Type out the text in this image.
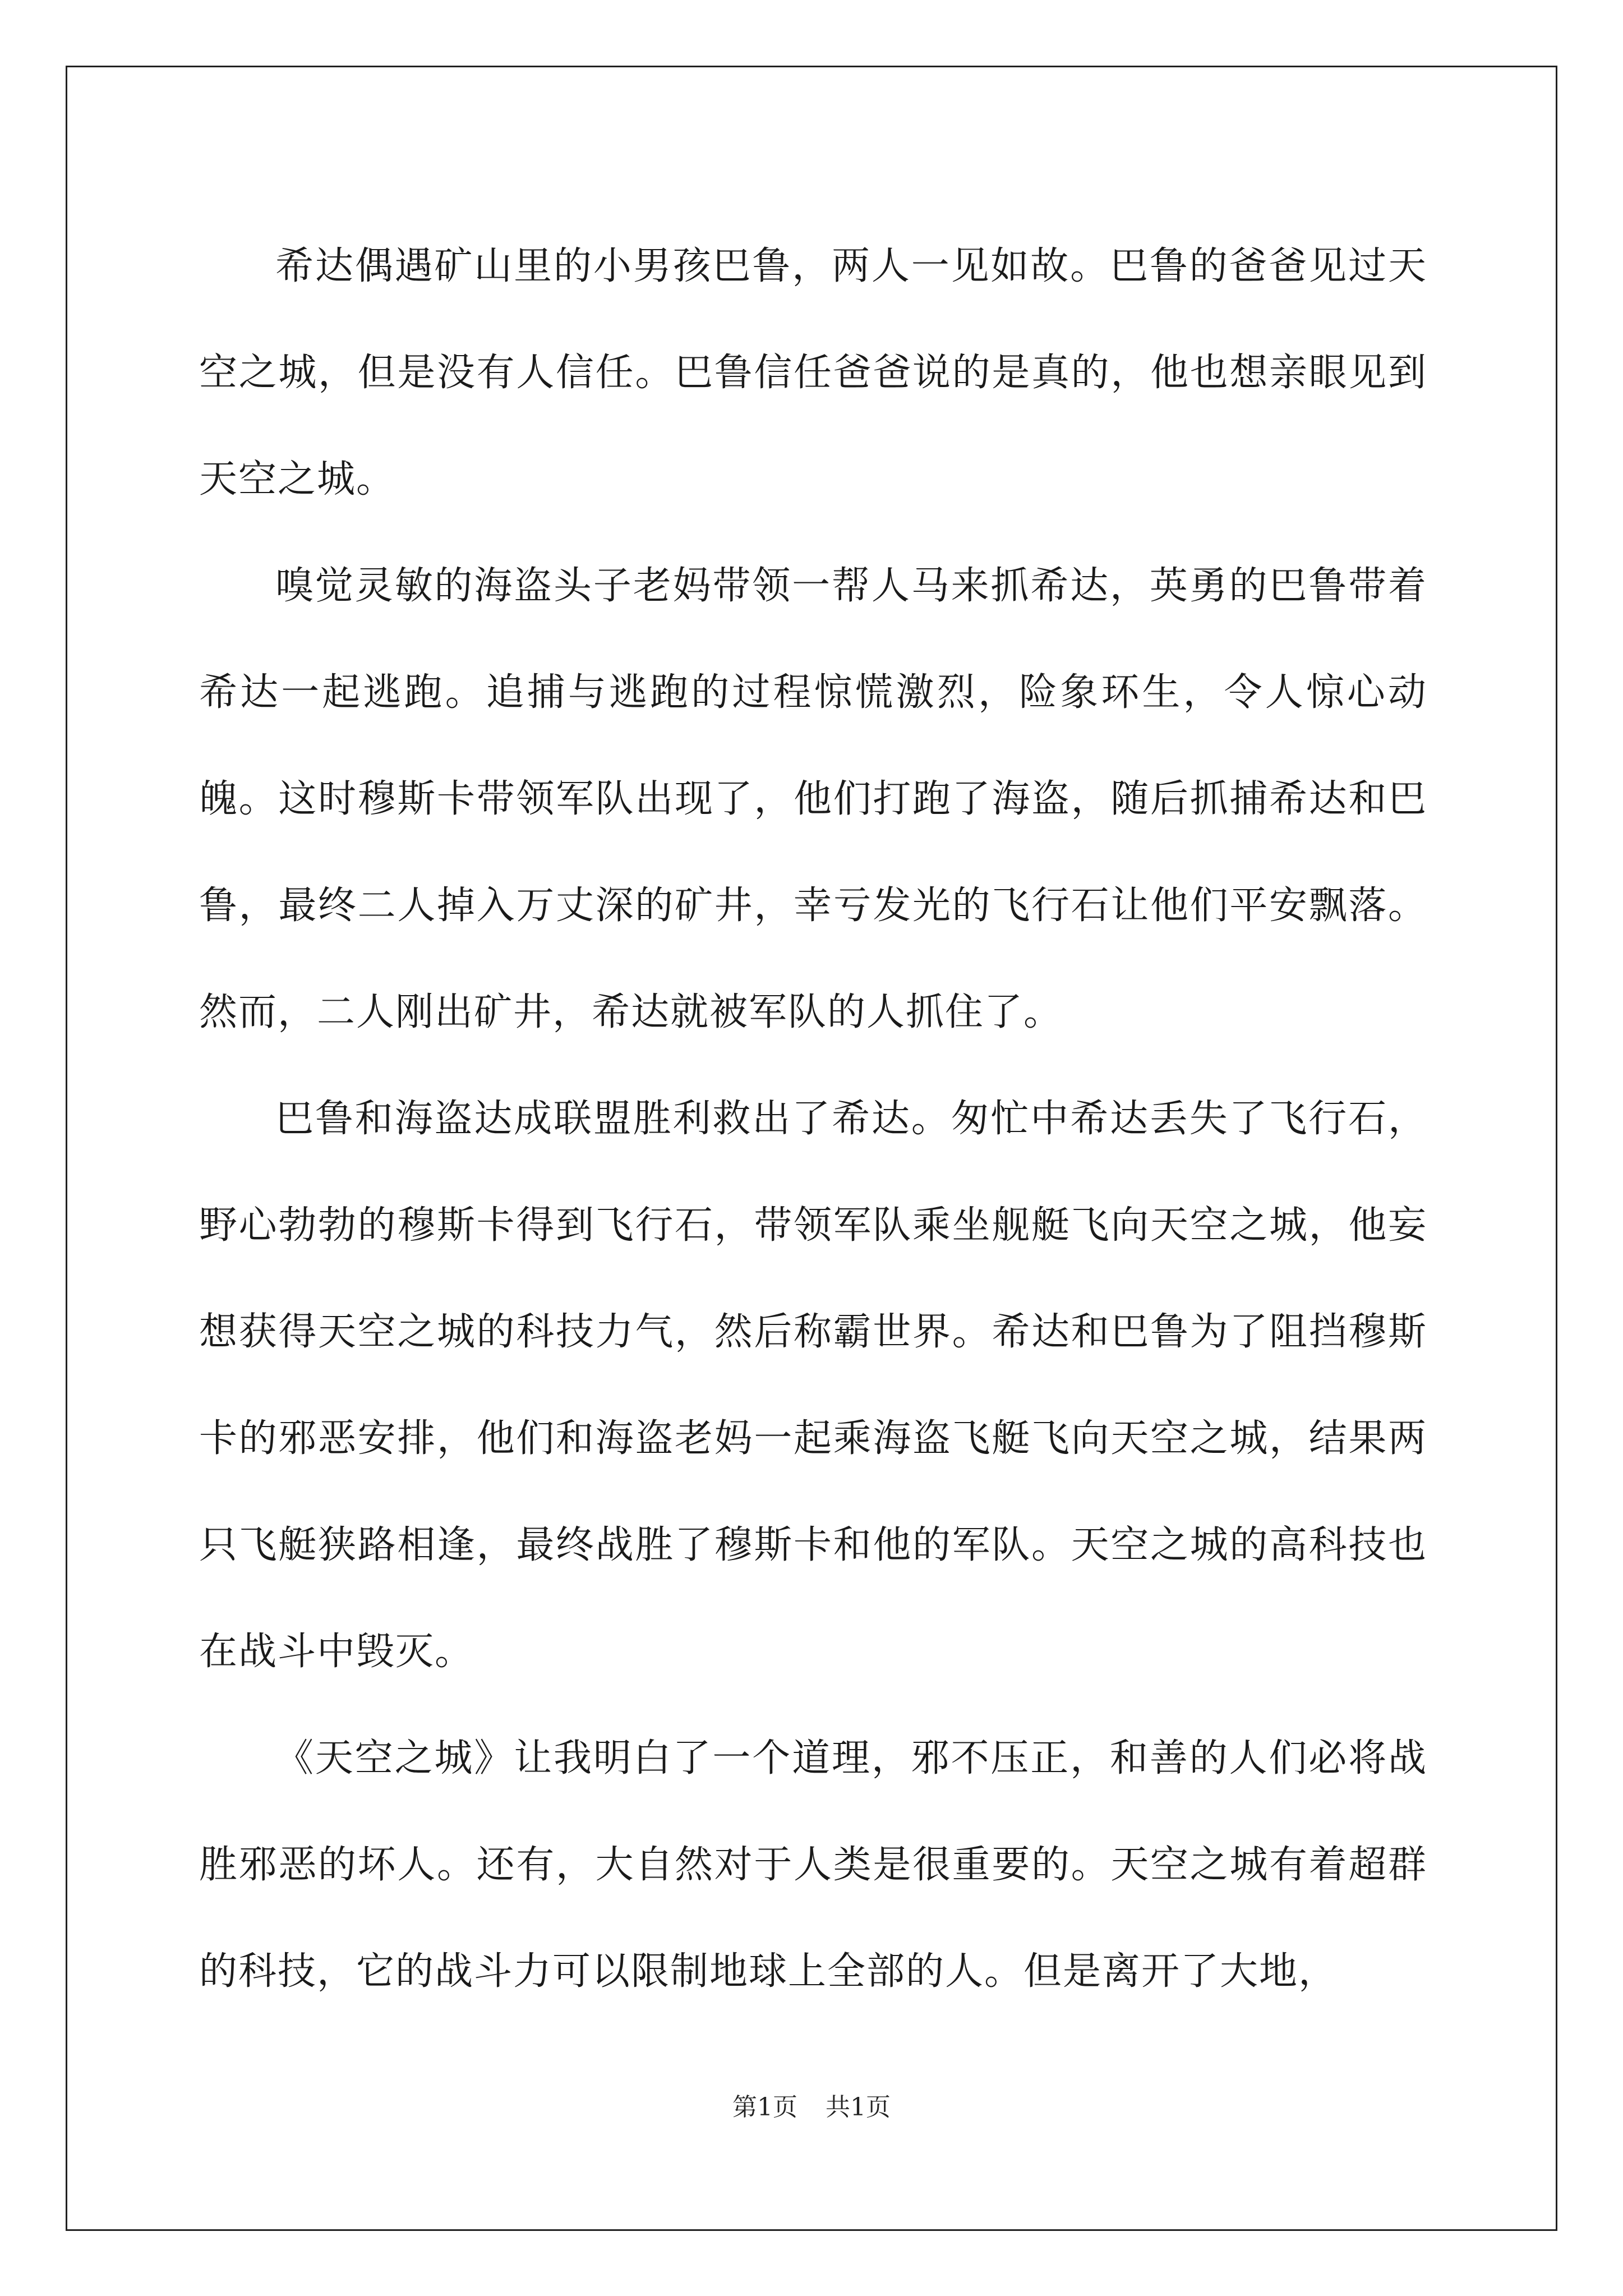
希达偶遇矿山里的小男孩巴鲁，两人一见如故。巴鲁的爸爸见过天空之城，但是没有人信任。巴鲁信任爸爸说的是真的，他也想亲眼见到天空之城。

嗅觉灵敏的海盗头子老妈带领一帮人马来抓希达，英勇的巴鲁带着希达一起逃跑。追捕与逃跑的过程惊慌激烈，险象环生，令人惊心动魄。这时穆斯卡带领军队出现了，他们打跑了海盗，随后抓捕希达和巴鲁，最终二人掉入万丈深的矿井，幸亏发光的飞行石让他们平安飘落。 然而，二人刚出矿井，希达就被军队的人抓住了。

巴鲁和海盗达成联盟胜利救出了希达。匆忙中希达丢失了飞行石，野心勃勃的穆斯卡得到飞行石，带领军队乘坐舰艇飞向天空之城，他妄想获得天空之城的科技力气，然后称霸世界。希达和巴鲁为了阻挡穆斯卡的邪恶安排，他们和海盗老妈一起乘海盗飞艇飞向天空之城，结果两只飞艇狭路相逢，最终战胜了穆斯卡和他的军队。天空之城的高科技也在战斗中毁灭。

《天空之城》让我明白了一个道理，邪不压正，和善的人们必将战胜邪恶的坏人。还有，大自然对于人类是很重要的。天空之城有着超群的科技，它的战斗力可以限制地球上全部的人。但是离开了大地，

第1页 共1页
